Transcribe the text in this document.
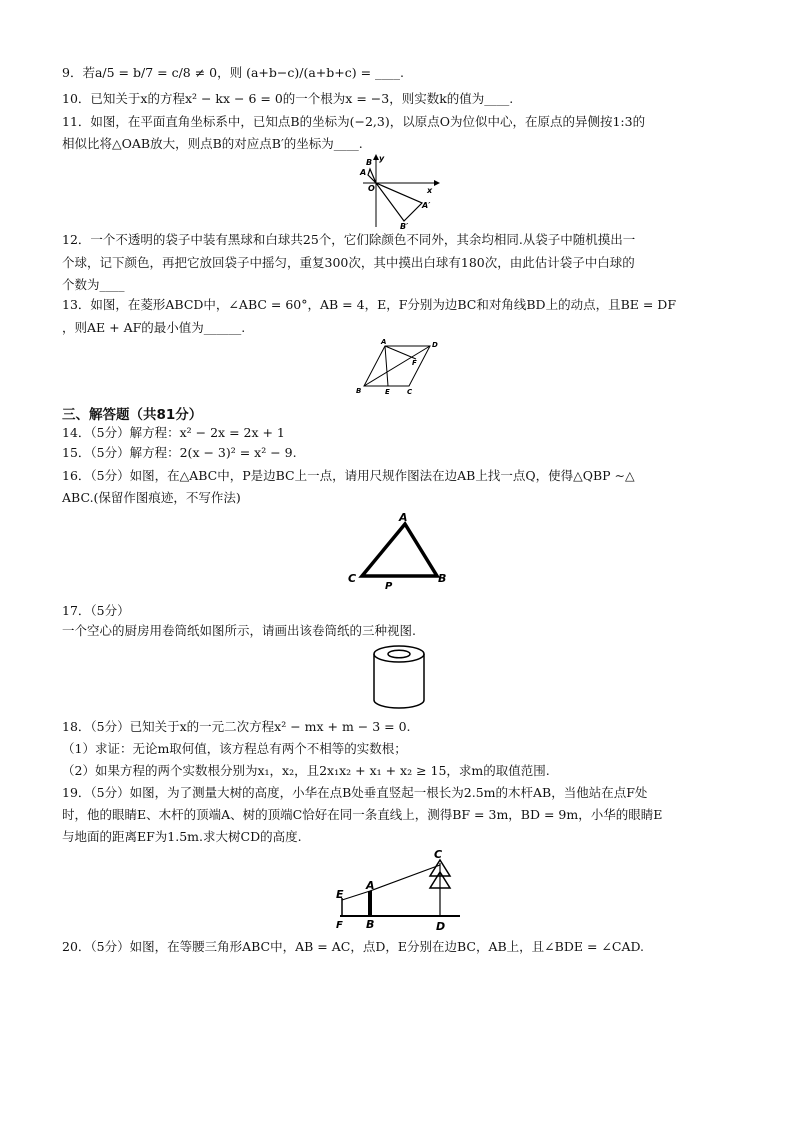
9．若a/5 = b/7 = c/8 ≠ 0，则 (a+b−c)/(a+b+c) = ____.
10．已知关于x的方程x² − kx − 6 = 0的一个根为x = −3，则实数k的值为____.
11．如图，在平面直角坐标系中，已知点B的坐标为(−2,3)，以原点O为位似中心，在原点的异侧按1:3的
相似比将△OAB放大，则点B的对应点B′的坐标为____.
B
A
y
O	x
A′
B′
12．一个不透明的袋子中装有黑球和白球共25个，它们除颜色不同外，其余均相同.从袋子中随机摸出一
个球，记下颜色，再把它放回袋子中摇匀，重复300次，其中摸出白球有180次，由此估计袋子中白球的
个数为____
13．如图，在菱形ABCD中，∠ABC = 60°，AB = 4，E，F分别为边BC和对角线BD上的动点，且BE = DF
，则AE + AF的最小值为______.
A	D
F
B	E C
三、解答题（共81分）
14．（5分）解方程：x² − 2x = 2x + 1
15．（5分）解方程：2(x − 3)² = x² − 9.
16．（5分）如图，在△ABC中，P是边BC上一点，请用尺规作图法在边AB上找一点Q，使得△QBP ∼△
ABC.(保留作图痕迹，不写作法)
A
C
P
B
17．（5分）
一个空心的厨房用卷筒纸如图所示，请画出该卷筒纸的三种视图.
18．（5分）已知关于x的一元二次方程x² − mx + m − 3 = 0.
（1）求证：无论m取何值，该方程总有两个不相等的实数根；
（2）如果方程的两个实数根分别为x₁，x₂，且2x₁x₂ + x₁ + x₂ ≥ 15，求m的取值范围.
19．（5分）如图，为了测量大树的高度，小华在点B处垂直竖起一根长为2.5m的木杆AB，当他站在点F处
时，他的眼睛E、木杆的顶端A、树的顶端C恰好在同一条直线上，测得BF = 3m，BD = 9m，小华的眼睛E
与地面的距离EF为1.5m.求大树CD的高度.
C
E
A
F B	D
20．（5分）如图，在等腰三角形ABC中，AB = AC，点D，E分别在边BC，AB上，且∠BDE = ∠CAD.
